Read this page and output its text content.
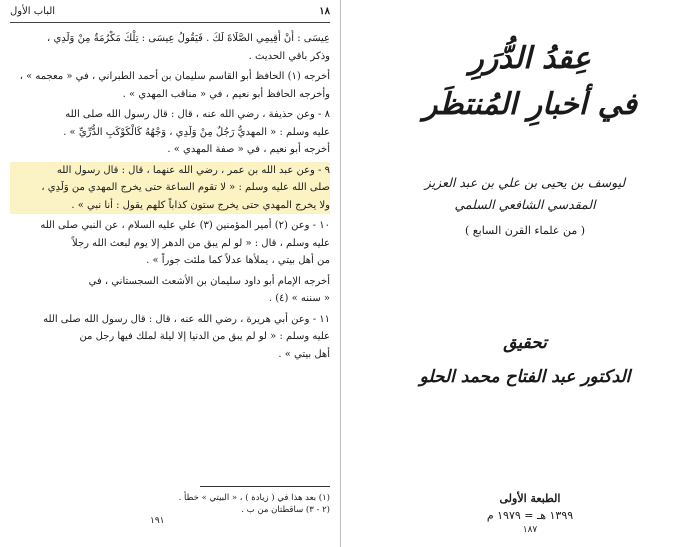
١٨
الباب الأول
عِيسَى : أَنْ أَقِيمِي الصَّلَاةَ لَكَ . فَيَقُولُ عِيسَى : تِلْكَ مَكْرُمَةٌ مِنْ وَلَدِي ،
وذكر باقي الحديث .
أخرجه (١) الحافظ أبو القاسم سليمان بن أحمد الطبراني ، في « معجمه » ،
وأخرجه الحافظ أبو نعيم ، في « مناقب المهدي » .
٨ - وعن حذيفة ، رضي الله عنه ، قال : قال رسول الله صلى الله
عليه وسلم : « المهديُّ رَجُلٌ مِنْ وَلَدِي ، وَجْهُهُ كَالْكَوْكَبِ الدُّرِّيِّ » .
أخرجه أبو نعيم ، في « صفة المهدي » .
٩ - وعن عبد الله بن عمر ، رضي الله عنهما ، قال : قال رسول الله
صلى الله عليه وسلم : « لا تقوم الساعة حتى يخرج المهدي من وَلَدِي ،
ولا يخرج المهدي حتى يخرج ستون كذاباً كلهم يقول : أنا نبي » .
١٠ - وعن (٢) أمير المؤمنين (٣) علي عليه السلام ، عن النبي صلى الله
عليه وسلم ، قال : « لو لم يبق من الدهر إلا يوم لبعث الله رجلاً
من أهل بيتي ، يملأها عدلاً كما ملئت جوراً » .
أخرجه الإمام أبو داود سليمان بن الأشعث السجستاني ، في
« سننه » (٤) .
١١ - وعن أبي هريرة ، رضي الله عنه ، قال : قال رسول الله صلى الله
عليه وسلم : « لو لم يبق من الدنيا إلا ليلة لملك فيها رجل من
أهل بيتي » .
(١) بعد هذا في ( زيادة ) ، « البيتي » خطأ .
(٢ - ٣) ساقطتان من ب .
١٩١
عِقدُ الدُّرَرِ
في أخبارِ المُنتظَر
ليوسف بن يحيى بن علي بن عبد العزيز
المقدسي الشافعي السلمي
( من علماء القرن السابع )
تحقيق
الدكتور عبد الفتاح محمد الحلو
الطبعة الأولى
١٣٩٩ هـ = ١٩٧٩ م
١٨٧
